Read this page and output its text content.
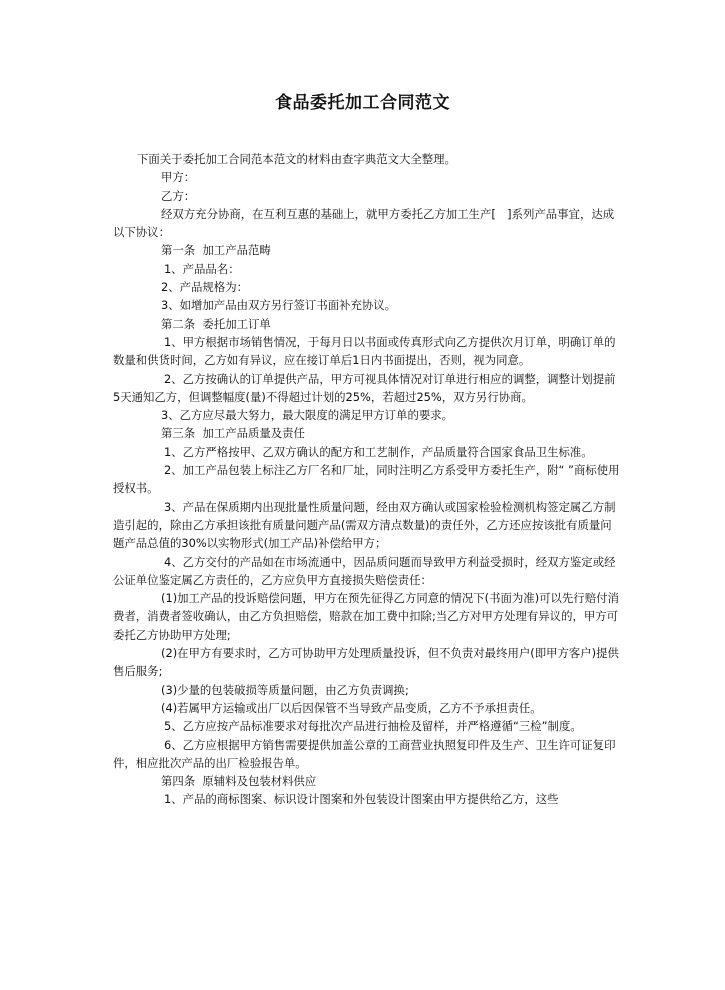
食品委托加工合同范文

下面关于委托加工合同范本范文的材料由查字典范文大全整理。

甲方：

乙方：

经双方充分协商，在互利互惠的基础上，就甲方委托乙方加工生产[　]系列产品事宜，达成以下协议：

第一条  加工产品范畴

1、产品品名：

2、产品规格为：

3、如增加产品由双方另行签订书面补充协议。

第二条  委托加工订单

1、甲方根据市场销售情况，于每月日以书面或传真形式向乙方提供次月订单，明确订单的数量和供货时间，乙方如有异议，应在接订单后1日内书面提出，否则，视为同意。

2、乙方按确认的订单提供产品，甲方可视具体情况对订单进行相应的调整，调整计划提前5天通知乙方，但调整幅度(量)不得超过计划的25%，若超过25%，双方另行协商。

3、乙方应尽最大努力，最大限度的满足甲方订单的要求。

第三条  加工产品质量及责任

1、乙方严格按甲、乙双方确认的配方和工艺制作，产品质量符合国家食品卫生标准。

2、加工产品包装上标注乙方厂名和厂址，同时注明乙方系受甲方委托生产，附“ ”商标使用授权书。

3、产品在保质期内出现批量性质量问题，经由双方确认或国家检验检测机构签定属乙方制造引起的，除由乙方承担该批有质量问题产品(需双方清点数量)的责任外，乙方还应按该批有质量问题产品总值的30%以实物形式(加工产品)补偿给甲方；

4、乙方交付的产品如在市场流通中，因品质问题而导致甲方利益受损时，经双方鉴定或经公证单位鉴定属乙方责任的，乙方应负甲方直接损失赔偿责任：

(1)加工产品的投诉赔偿问题，甲方在预先征得乙方同意的情况下(书面为准)可以先行赔付消费者，消费者签收确认，由乙方负担赔偿，赔款在加工费中扣除;当乙方对甲方处理有异议的，甲方可委托乙方协助甲方处理;

(2)在甲方有要求时，乙方可协助甲方处理质量投诉，但不负责对最终用户(即甲方客户)提供售后服务;

(3)少量的包装破损等质量问题，由乙方负责调换;

(4)若属甲方运输或出厂以后因保管不当导致产品变质，乙方不予承担责任。

5、乙方应按产品标准要求对每批次产品进行抽检及留样，并严格遵循“三检”制度。

6、乙方应根据甲方销售需要提供加盖公章的工商营业执照复印件及生产、卫生许可证复印件，相应批次产品的出厂检验报告单。

第四条  原辅料及包装材料供应

1、产品的商标图案、标识设计图案和外包装设计图案由甲方提供给乙方，这些
